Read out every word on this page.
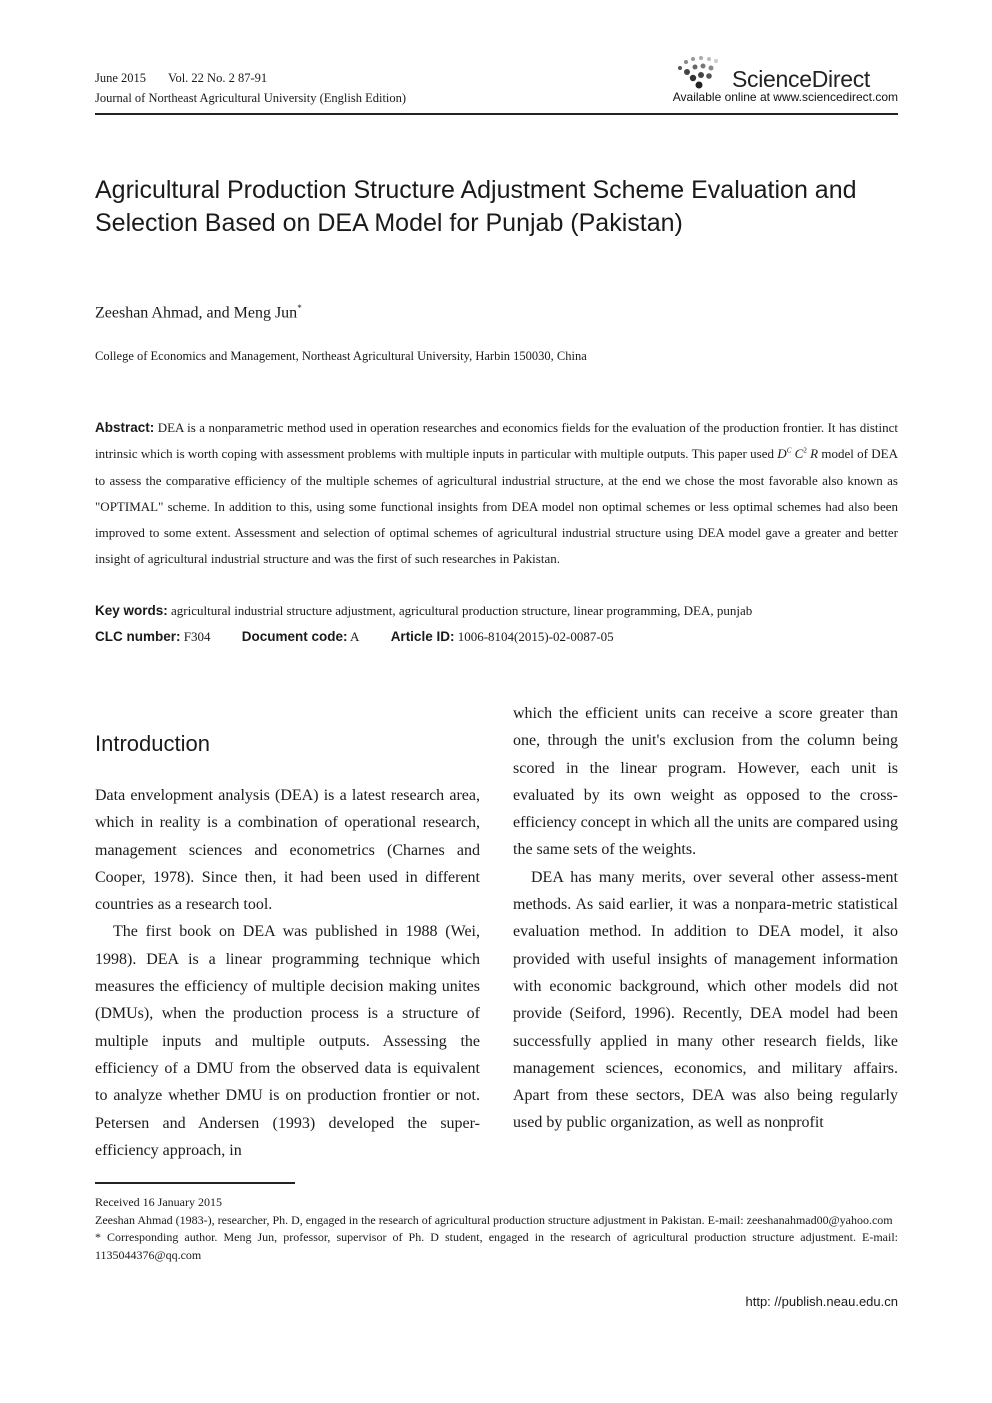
June 2015 Vol. 22 No. 2 87-91
Journal of Northeast Agricultural University (English Edition)
ScienceDirect
Available online at www.sciencedirect.com
Agricultural Production Structure Adjustment Scheme Evaluation and Selection Based on DEA Model for Punjab (Pakistan)
Zeeshan Ahmad, and Meng Jun*
College of Economics and Management, Northeast Agricultural University, Harbin 150030, China
Abstract: DEA is a nonparametric method used in operation researches and economics fields for the evaluation of the production frontier. It has distinct intrinsic which is worth coping with assessment problems with multiple inputs in particular with multiple outputs. This paper used $D^C$ $C^2$ R model of DEA to assess the comparative efficiency of the multiple schemes of agricultural industrial structure, at the end we chose the most favorable also known as "OPTIMAL" scheme. In addition to this, using some functional insights from DEA model non optimal schemes or less optimal schemes had also been improved to some extent. Assessment and selection of optimal schemes of agricultural industrial structure using DEA model gave a greater and better insight of agricultural industrial structure and was the first of such researches in Pakistan.
Key words: agricultural industrial structure adjustment, agricultural production structure, linear programming, DEA, punjab
CLC number: F304 Document code: A Article ID: 1006-8104(2015)-02-0087-05
Introduction

Data envelopment analysis (DEA) is a latest research area, which in reality is a combination of operational research, management sciences and econometrics (Charnes and Cooper, 1978). Since then, it had been used in different countries as a research tool.

The first book on DEA was published in 1988 (Wei, 1998). DEA is a linear programming technique which measures the efficiency of multiple decision making unites (DMUs), when the production process is a structure of multiple inputs and multiple outputs. Assessing the efficiency of a DMU from the observed data is equivalent to analyze whether DMU is on production frontier or not. Petersen and Andersen (1993) developed the super-efficiency approach, in

which the efficient units can receive a score greater than one, through the unit's exclusion from the column being scored in the linear program. However, each unit is evaluated by its own weight as opposed to the cross-efficiency concept in which all the units are compared using the same sets of the weights.

DEA has many merits, over several other assess-ment methods. As said earlier, it was a nonpara-metric statistical evaluation method. In addition to DEA model, it also provided with useful insights of management information with economic background, which other models did not provide (Seiford, 1996). Recently, DEA model had been successfully applied in many other research fields, like management sciences, economics, and military affairs. Apart from these sectors, DEA was also being regularly used by public organization, as well as nonprofit

Received 16 January 2015

Zeeshan Ahmad (1983-), researcher, Ph. D, engaged in the research of agricultural production structure adjustment in Pakistan. E-mail: zeeshanahmad00@yahoo.com

* Corresponding author. Meng Jun, professor, supervisor of Ph. D student, engaged in the research of agricultural production structure adjustment. E-mail: 1135044376@qq.com

http: //publish.neau.edu.cn
